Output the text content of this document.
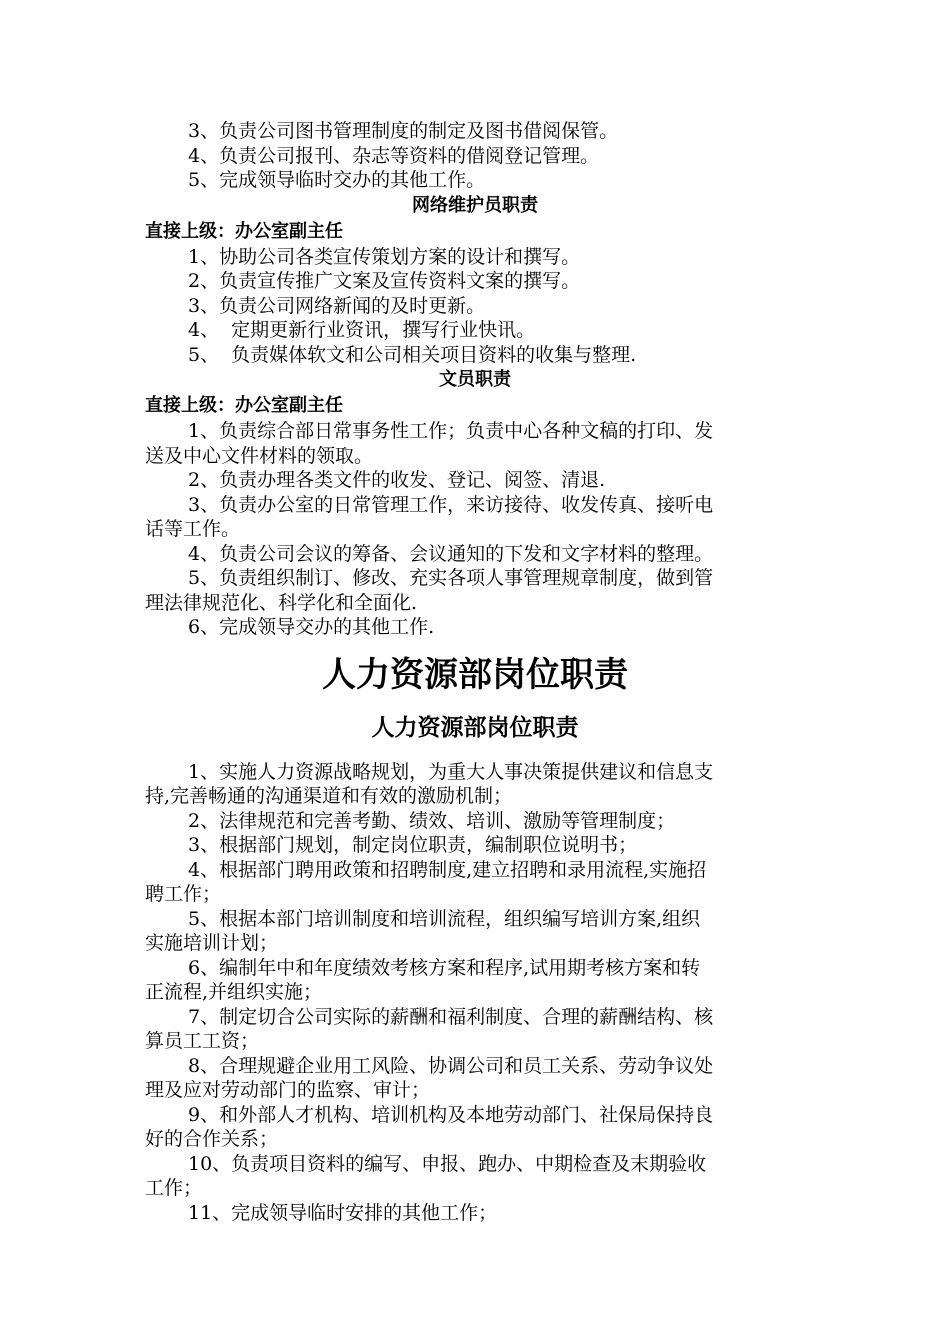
3、负责公司图书管理制度的制定及图书借阅保管。

4、负责公司报刊、杂志等资料的借阅登记管理。

5、完成领导临时交办的其他工作。

网络维护员职责

直接上级：办公室副主任

1、协助公司各类宣传策划方案的设计和撰写。

2、负责宣传推广文案及宣传资料文案的撰写。

3、负责公司网络新闻的及时更新。

4、  定期更新行业资讯，撰写行业快讯。

5、  负责媒体软文和公司相关项目资料的收集与整理.

文员职责

直接上级：办公室副主任

1、负责综合部日常事务性工作；负责中心各种文稿的打印、发

送及中心文件材料的领取。

2、负责办理各类文件的收发、登记、阅签、清退.

3、负责办公室的日常管理工作，来访接待、收发传真、接听电

话等工作。

4、负责公司会议的筹备、会议通知的下发和文字材料的整理。

5、负责组织制订、修改、充实各项人事管理规章制度，做到管

理法律规范化、科学化和全面化.

6、完成领导交办的其他工作.

人力资源部岗位职责

人力资源部岗位职责

1、实施人力资源战略规划，为重大人事决策提供建议和信息支

持,完善畅通的沟通渠道和有效的激励机制；

2、法律规范和完善考勤、绩效、培训、激励等管理制度；

3、根据部门规划，制定岗位职责，编制职位说明书；

4、根据部门聘用政策和招聘制度,建立招聘和录用流程,实施招

聘工作；

5、根据本部门培训制度和培训流程，组织编写培训方案,组织

实施培训计划；

6、编制年中和年度绩效考核方案和程序,试用期考核方案和转

正流程,并组织实施；

7、制定切合公司实际的薪酬和福利制度、合理的薪酬结构、核

算员工工资；

8、合理规避企业用工风险、协调公司和员工关系、劳动争议处

理及应对劳动部门的监察、审计；

9、和外部人才机构、培训机构及本地劳动部门、社保局保持良

好的合作关系；

10、负责项目资料的编写、申报、跑办、中期检查及末期验收

工作；

11、完成领导临时安排的其他工作；
